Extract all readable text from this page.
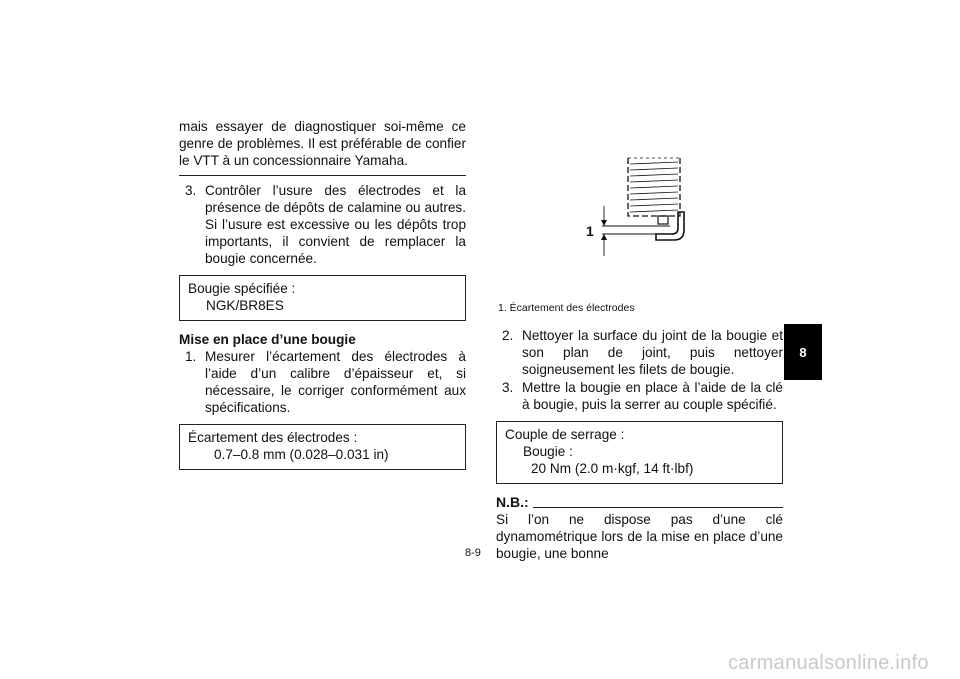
mais essayer de diagnostiquer soi-même ce genre de problèmes. Il est préférable de confier le VTT à un concessionnaire Yamaha.

3. Contrôler l’usure des électrodes et la présence de dépôts de calamine ou autres. Si l’usure est excessive ou les dépôts trop importants, il convient de remplacer la bougie concernée.

Bougie spécifiée :
NGK/BR8ES
Mise en place d’une bougie

1. Mesurer l’écartement des électrodes à l’aide d’un calibre d’épaisseur et, si nécessaire, le corriger conformément aux spécifications.

Écartement des électrodes :
0.7–0.8 mm (0.028–0.031 in)
1
1. Écartement des électrodes

2. Nettoyer la surface du joint de la bougie et son plan de joint, puis nettoyer soigneusement les filets de bougie.

3. Mettre la bougie en place à l’aide de la clé à bougie, puis la serrer au couple spécifié.

Couple de serrage :
Bougie :
20 Nm (2.0 m·kgf, 14 ft·lbf)
N.B.:

Si l’on ne dispose pas d’une clé dynamométrique lors de la mise en place d’une bougie, une bonne

8
8-9
carmanualsonline.info
